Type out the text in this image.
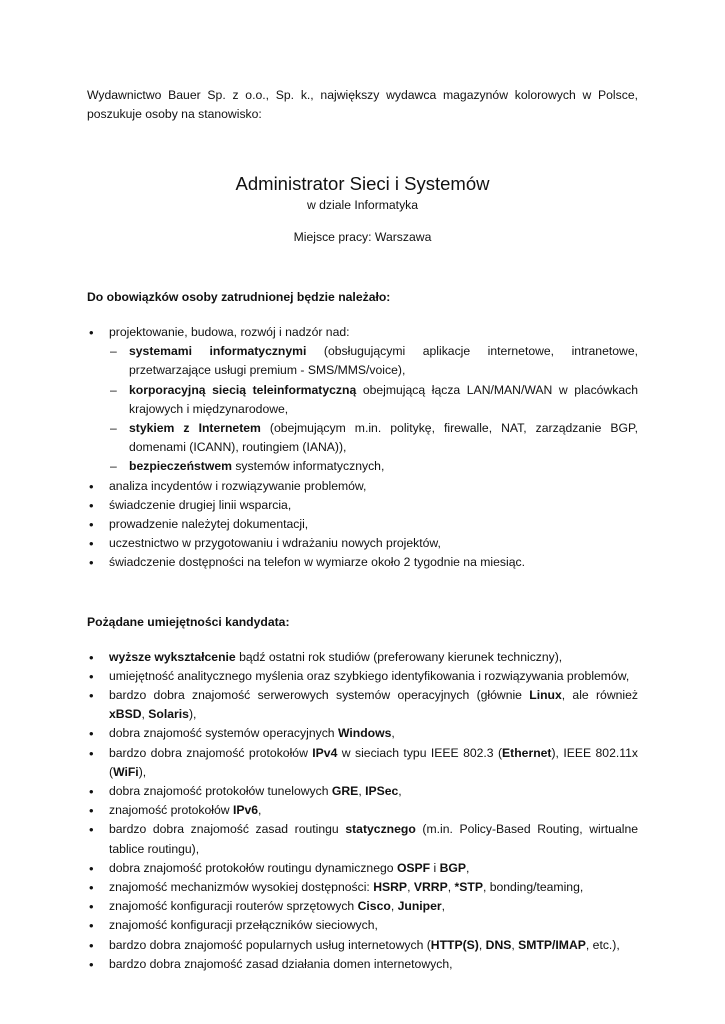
Wydawnictwo Bauer Sp. z o.o., Sp. k., największy wydawca magazynów kolorowych w Polsce, poszukuje osoby na stanowisko:

Administrator Sieci i Systemów

w dziale Informatyka

Miejsce pracy: Warszawa

Do obowiązków osoby zatrudnionej będzie należało:
• projektowanie, budowa, rozwój i nadzór nad:
– systemami informatycznymi (obsługującymi aplikacje internetowe, intranetowe, przetwarzające usługi premium - SMS/MMS/voice),
– korporacyjną siecią teleinformatyczną obejmującą łącza LAN/MAN/WAN w placówkach krajowych i międzynarodowe,
– stykiem z Internetem (obejmującym m.in. politykę, firewalle, NAT, zarządzanie BGP, domenami (ICANN), routingiem (IANA)),
– bezpieczeństwem systemów informatycznych,
• analiza incydentów i rozwiązywanie problemów,
• świadczenie drugiej linii wsparcia,
• prowadzenie należytej dokumentacji,
• uczestnictwo w przygotowaniu i wdrażaniu nowych projektów,
• świadczenie dostępności na telefon w wymiarze około 2 tygodnie na miesiąc.
Pożądane umiejętności kandydata:
• wyższe wykształcenie bądź ostatni rok studiów (preferowany kierunek techniczny),
• umiejętność analitycznego myślenia oraz szybkiego identyfikowania i rozwiązywania problemów,
• bardzo dobra znajomość serwerowych systemów operacyjnych (głównie Linux, ale również xBSD, Solaris),
• dobra znajomość systemów operacyjnych Windows,
• bardzo dobra znajomość protokołów IPv4 w sieciach typu IEEE 802.3 (Ethernet), IEEE 802.11x (WiFi),
• dobra znajomość protokołów tunelowych GRE, IPSec,
• znajomość protokołów IPv6,
• bardzo dobra znajomość zasad routingu statycznego (m.in. Policy-Based Routing, wirtualne tablice routingu),
• dobra znajomość protokołów routingu dynamicznego OSPF i BGP,
• znajomość mechanizmów wysokiej dostępności: HSRP, VRRP, *STP, bonding/teaming,
• znajomość konfiguracji routerów sprzętowych Cisco, Juniper,
• znajomość konfiguracji przełączników sieciowych,
• bardzo dobra znajomość popularnych usług internetowych (HTTP(S), DNS, SMTP/IMAP, etc.),
• bardzo dobra znajomość zasad działania domen internetowych,
